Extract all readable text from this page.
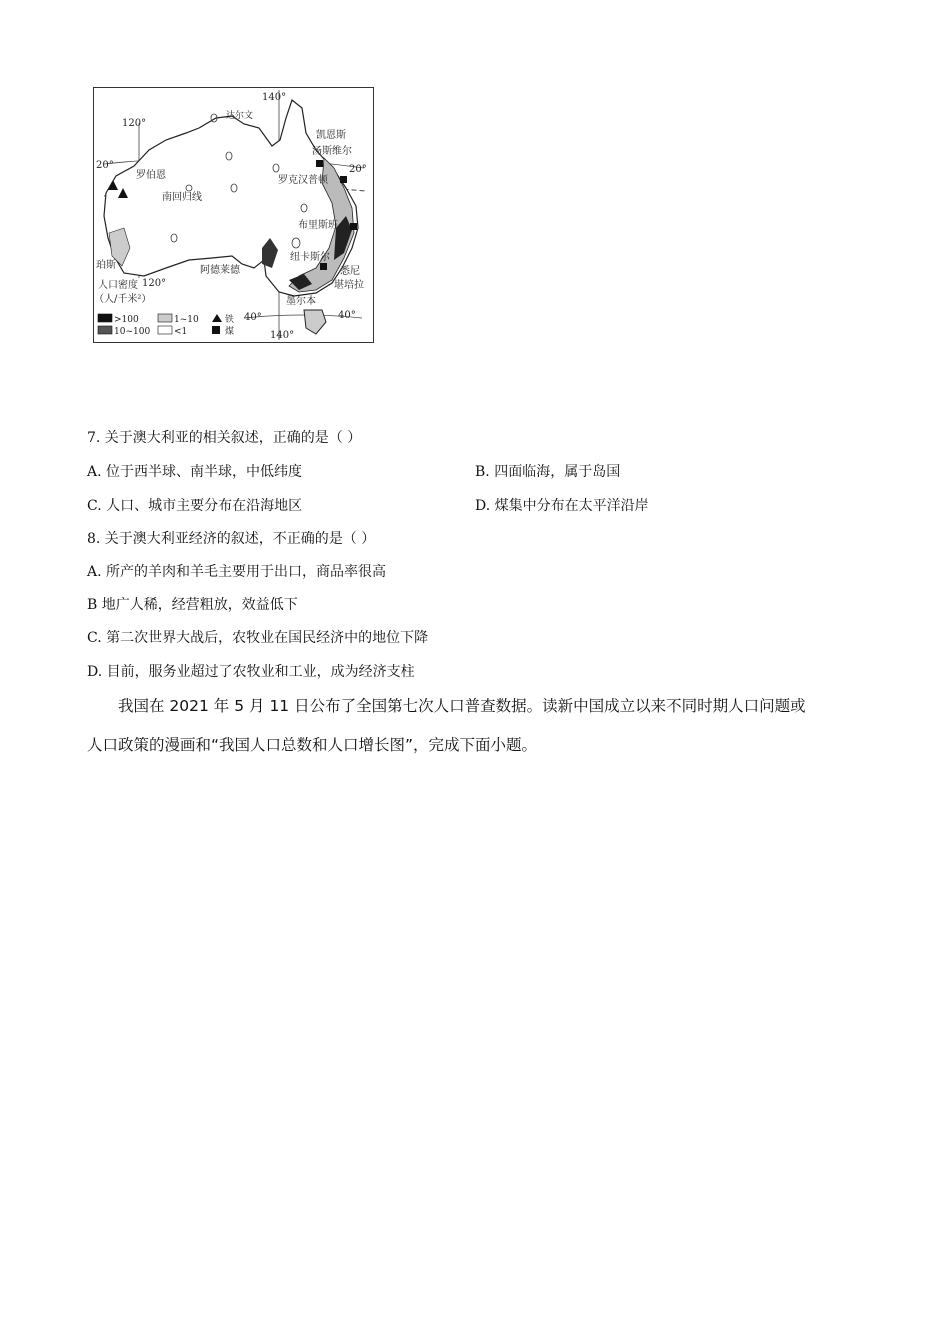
140°
120°
20°	20°
达尔文
凯恩斯
汤斯维尔
罗伯恩	罗克汉普顿
南回归线
布里斯班
珀斯
120°
阿德莱德
纽卡斯尔
悉尼
堪培拉
墨尔本
40°	40°
140°
人口密度
（人/千米²）
>100	1~10	铁
10~100	<1	煤
7. 关于澳大利亚的相关叙述，正确的是（ ）
A. 位于西半球、南半球，中低纬度	B. 四面临海，属于岛国
C. 人口、城市主要分布在沿海地区	D. 煤集中分布在太平洋沿岸
8. 关于澳大利亚经济的叙述，不正确的是（ ）
A. 所产的羊肉和羊毛主要用于出口，商品率很高
B 地广人稀，经营粗放，效益低下
C. 第二次世界大战后，农牧业在国民经济中的地位下降
D. 目前，服务业超过了农牧业和工业，成为经济支柱
我国在 2021 年 5 月 11 日公布了全国第七次人口普查数据。读新中国成立以来不同时期人口问题或
人口政策的漫画和“我国人口总数和人口增长图”，完成下面小题。
